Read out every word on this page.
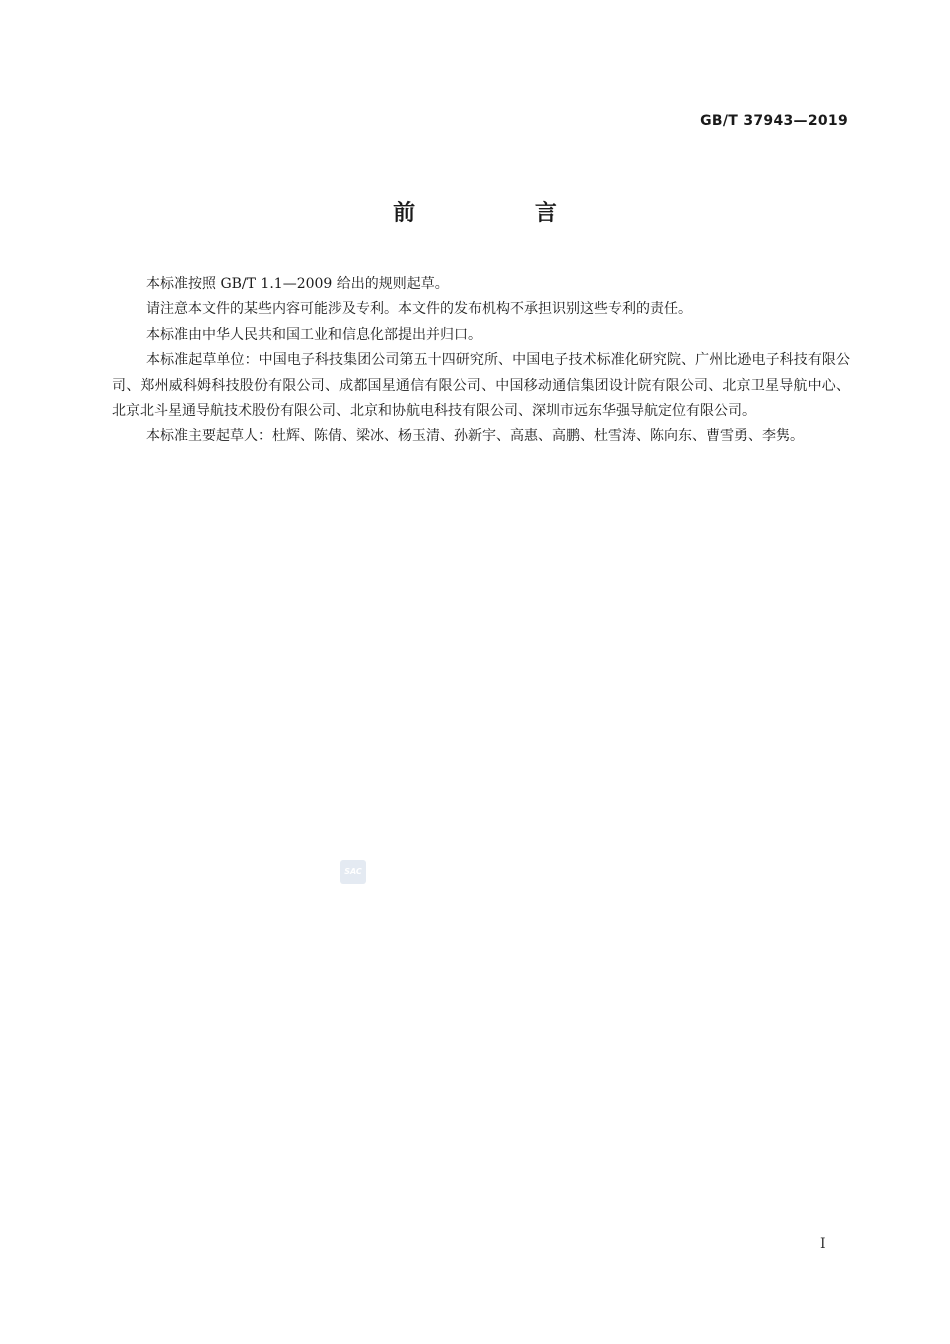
GB/T 37943—2019
前 言

本标准按照 GB/T 1.1—2009 给出的规则起草。

请注意本文件的某些内容可能涉及专利。本文件的发布机构不承担识别这些专利的责任。

本标准由中华人民共和国工业和信息化部提出并归口。

本标准起草单位：中国电子科技集团公司第五十四研究所、中国电子技术标准化研究院、广州比逊电子科技有限公司、郑州威科姆科技股份有限公司、成都国星通信有限公司、中国移动通信集团设计院有限公司、北京卫星导航中心、北京北斗星通导航技术股份有限公司、北京和协航电科技有限公司、深圳市远东华强导航定位有限公司。

本标准主要起草人：杜辉、陈倩、梁冰、杨玉清、孙新宇、高惠、高鹏、杜雪涛、陈向东、曹雪勇、李隽。

SAC
I
